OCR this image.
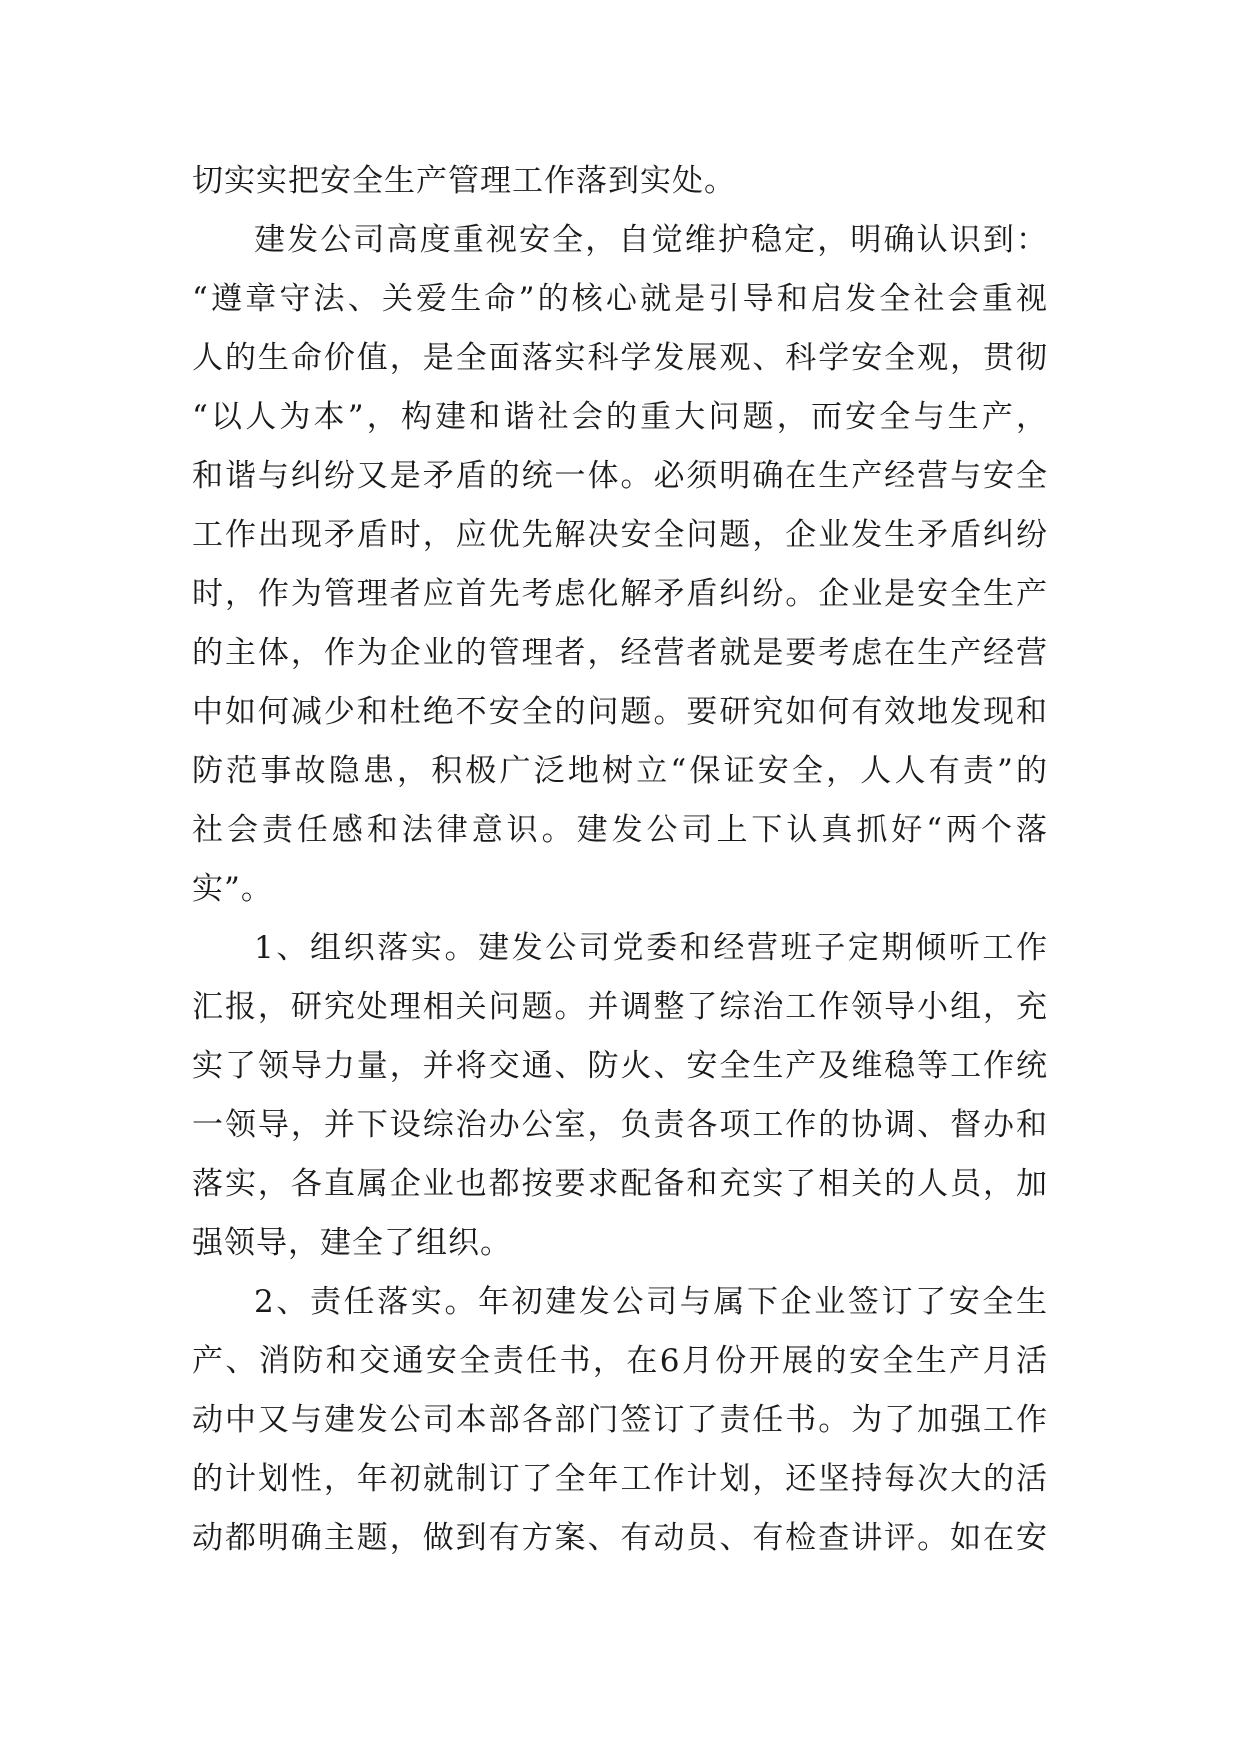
切实实把安全生产管理工作落到实处。
建发公司高度重视安全，自觉维护稳定，明确认识到：
“遵章守法、关爱生命”的核心就是引导和启发全社会重视
人的生命价值，是全面落实科学发展观、科学安全观，贯彻
“以人为本”，构建和谐社会的重大问题，而安全与生产，
和谐与纠纷又是矛盾的统一体。必须明确在生产经营与安全
工作出现矛盾时，应优先解决安全问题，企业发生矛盾纠纷
时，作为管理者应首先考虑化解矛盾纠纷。企业是安全生产
的主体，作为企业的管理者，经营者就是要考虑在生产经营
中如何减少和杜绝不安全的问题。要研究如何有效地发现和
防范事故隐患，积极广泛地树立“保证安全，人人有责”的
社会责任感和法律意识。建发公司上下认真抓好“两个落
实”。
1、组织落实。建发公司党委和经营班子定期倾听工作
汇报，研究处理相关问题。并调整了综治工作领导小组，充
实了领导力量，并将交通、防火、安全生产及维稳等工作统
一领导，并下设综治办公室，负责各项工作的协调、督办和
落实，各直属企业也都按要求配备和充实了相关的人员，加
强领导，建全了组织。
2、责任落实。年初建发公司与属下企业签订了安全生
产、消防和交通安全责任书，在6月份开展的安全生产月活
动中又与建发公司本部各部门签订了责任书。为了加强工作
的计划性，年初就制订了全年工作计划，还坚持每次大的活
动都明确主题，做到有方案、有动员、有检查讲评。如在安
